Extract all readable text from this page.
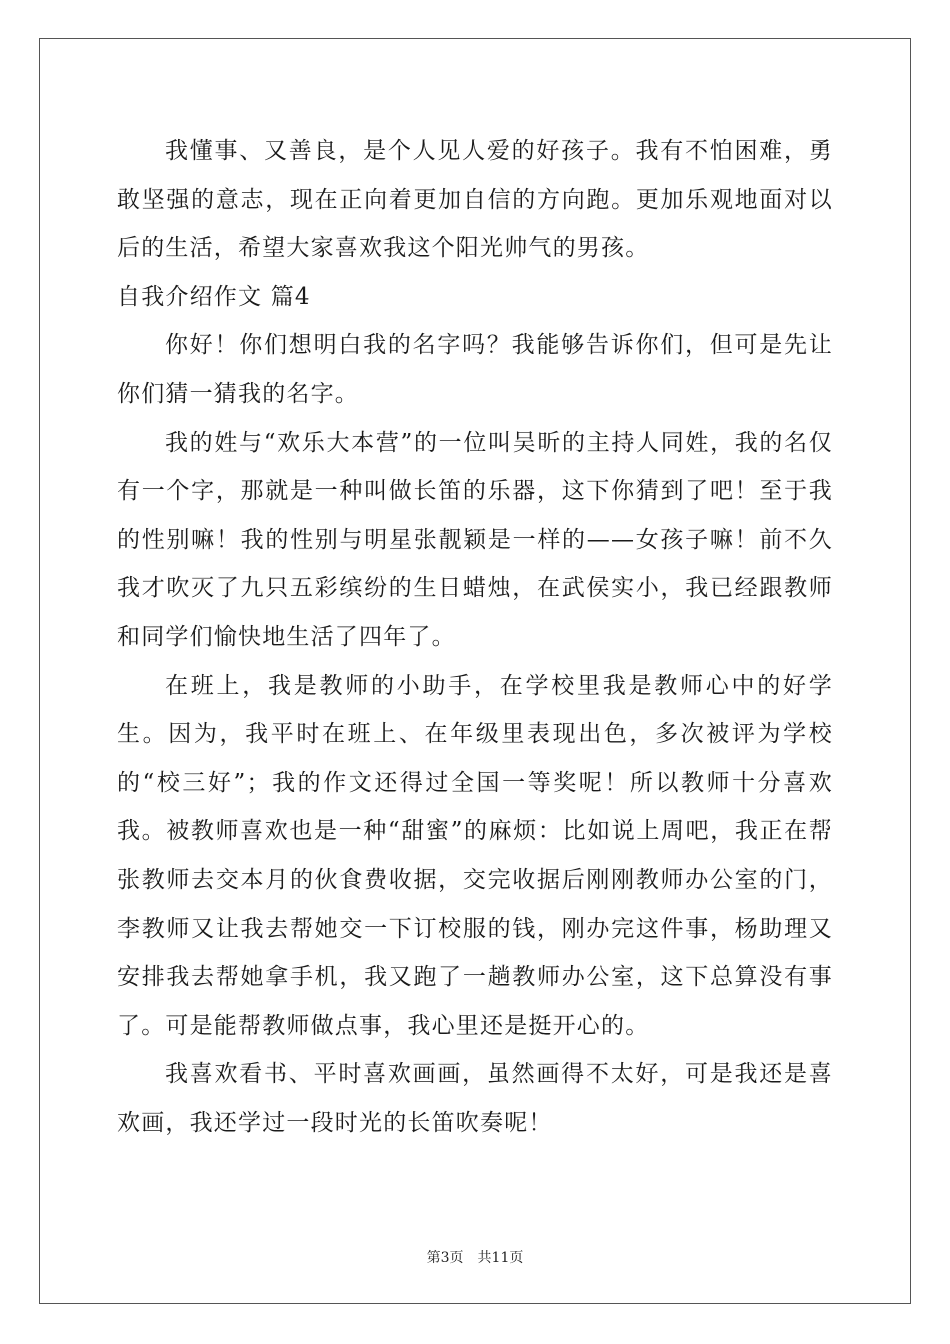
我懂事、又善良，是个人见人爱的好孩子。我有不怕困难，勇敢坚强的意志，现在正向着更加自信的方向跑。更加乐观地面对以后的生活，希望大家喜欢我这个阳光帅气的男孩。

自我介绍作文 篇4

你好！你们想明白我的名字吗？我能够告诉你们，但可是先让你们猜一猜我的名字。

我的姓与“欢乐大本营”的一位叫吴昕的主持人同姓，我的名仅有一个字，那就是一种叫做长笛的乐器，这下你猜到了吧！至于我的性别嘛！我的性别与明星张靓颖是一样的——女孩子嘛！前不久我才吹灭了九只五彩缤纷的生日蜡烛，在武侯实小，我已经跟教师和同学们愉快地生活了四年了。

在班上，我是教师的小助手，在学校里我是教师心中的好学生。因为，我平时在班上、在年级里表现出色，多次被评为学校的“校三好”；我的作文还得过全国一等奖呢！所以教师十分喜欢我。被教师喜欢也是一种“甜蜜”的麻烦：比如说上周吧，我正在帮张教师去交本月的伙食费收据，交完收据后刚刚教师办公室的门，李教师又让我去帮她交一下订校服的钱，刚办完这件事，杨助理又安排我去帮她拿手机，我又跑了一趟教师办公室，这下总算没有事了。可是能帮教师做点事，我心里还是挺开心的。

我喜欢看书、平时喜欢画画，虽然画得不太好，可是我还是喜欢画，我还学过一段时光的长笛吹奏呢！

第3页 共11页
